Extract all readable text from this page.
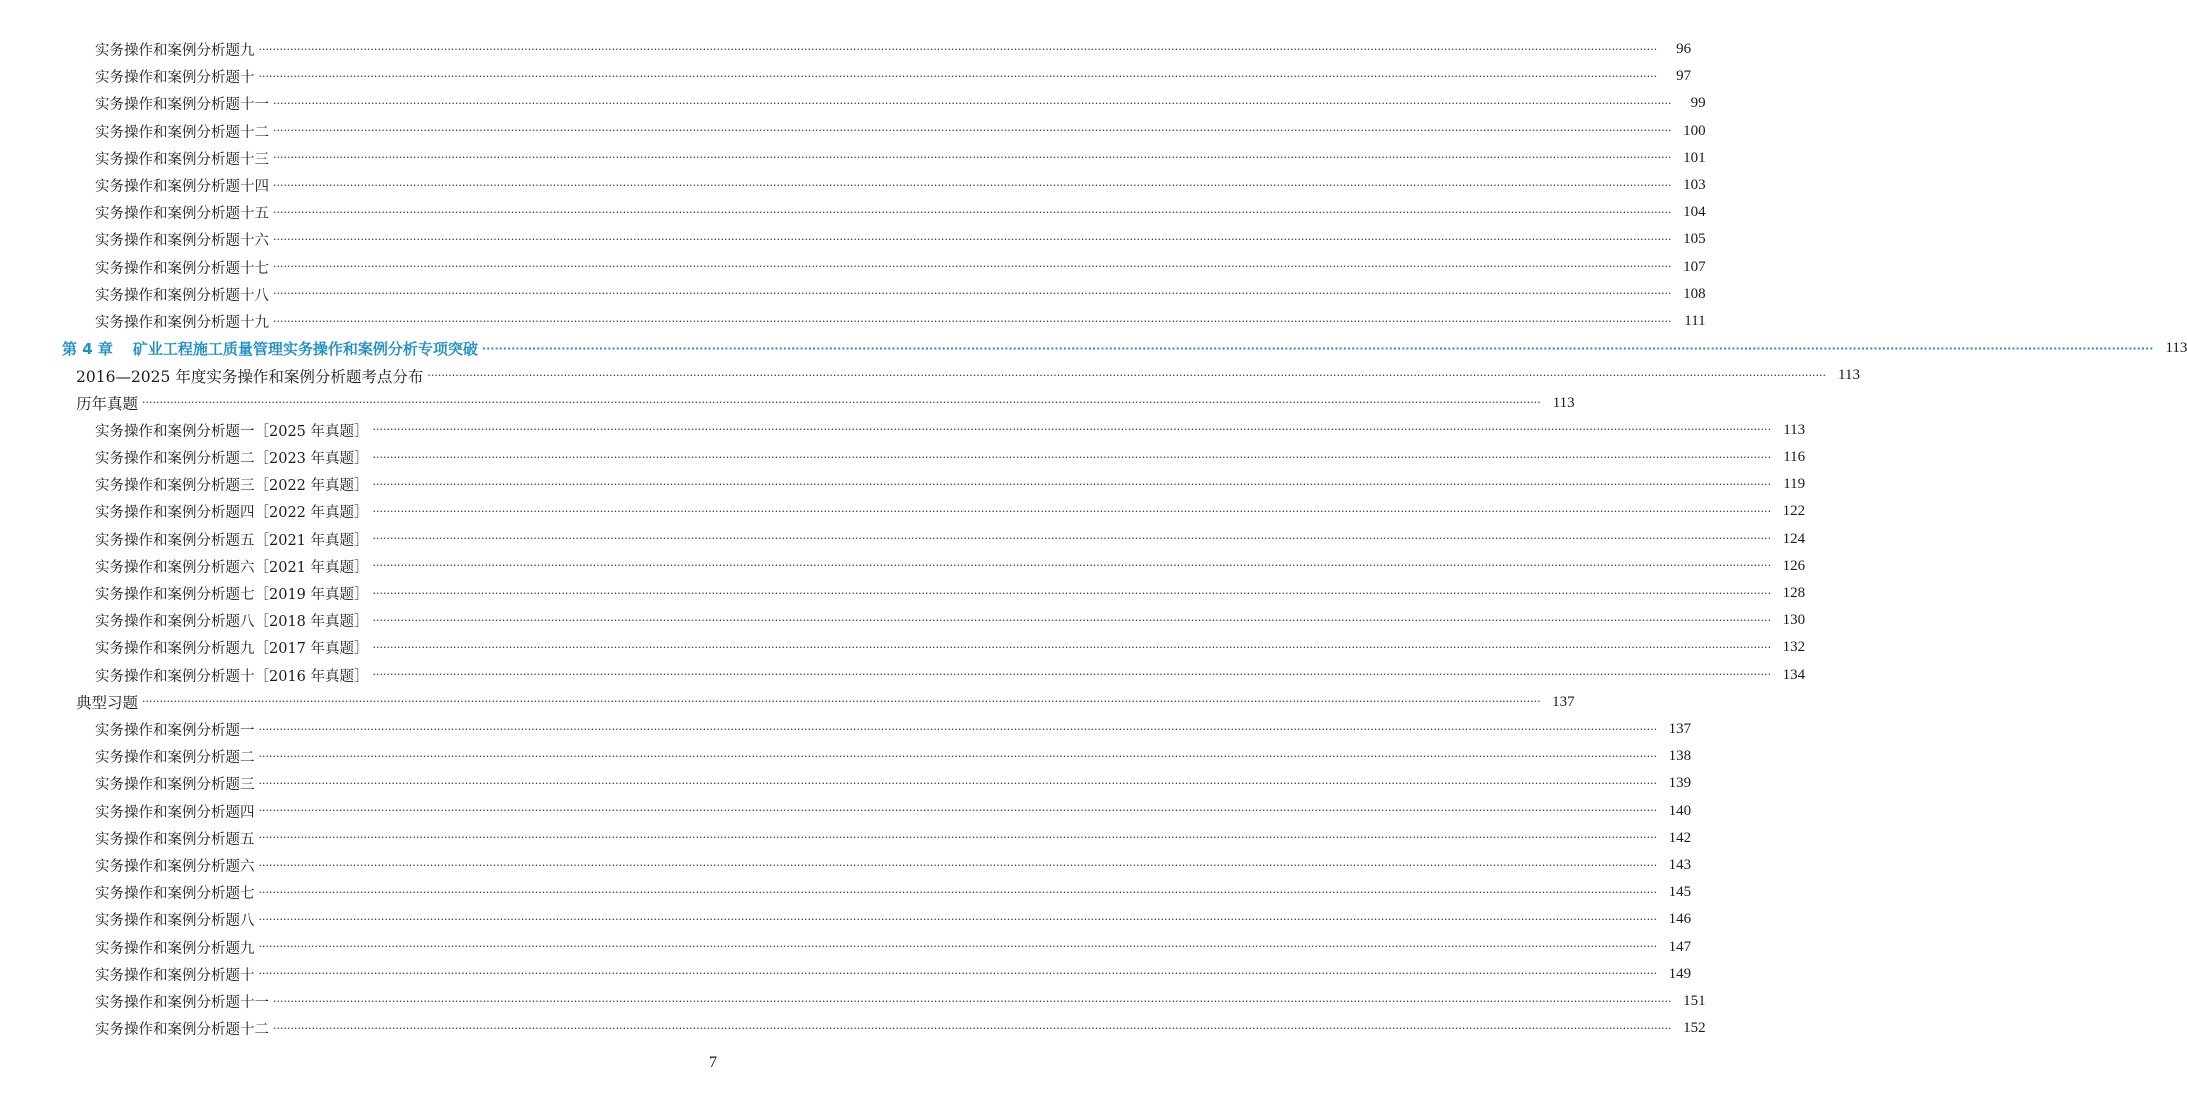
实务操作和案例分析题九 ················································································································································································································································································································································································································	96
实务操作和案例分析题十 ················································································································································································································································································································································································································	97
实务操作和案例分析题十一 ················································································································································································································································································································································································································	99
实务操作和案例分析题十二 ················································································································································································································································································································································································································ 100
实务操作和案例分析题十三 ················································································································································································································································································································································································································ 101
实务操作和案例分析题十四 ················································································································································································································································································································································································································ 103
实务操作和案例分析题十五 ················································································································································································································································································································································································································ 104
实务操作和案例分析题十六 ················································································································································································································································································································································································································ 105
实务操作和案例分析题十七 ················································································································································································································································································································································································································ 107
实务操作和案例分析题十八 ················································································································································································································································································································································································································ 108
实务操作和案例分析题十九 ················································································································································································································································································································································································································ 111
第 4 章 矿业工程施工质量管理实务操作和案例分析专项突破 ················································································································································································································································································································································································································ 113
2016—2025 年度实务操作和案例分析题考点分布 ················································································································································································································································································································································································································ 113
历年真题 ················································································································································································································································································································································································································ 113
实务操作和案例分析题一［2025 年真题］ ················································································································································································································································································································································································································ 113
实务操作和案例分析题二［2023 年真题］ ················································································································································································································································································································································································································ 116
实务操作和案例分析题三［2022 年真题］ ················································································································································································································································································································································································································ 119
实务操作和案例分析题四［2022 年真题］ ················································································································································································································································································································································································································ 122
实务操作和案例分析题五［2021 年真题］ ················································································································································································································································································································································································································ 124
实务操作和案例分析题六［2021 年真题］ ················································································································································································································································································································································································································ 126
实务操作和案例分析题七［2019 年真题］ ················································································································································································································································································································································································································ 128
实务操作和案例分析题八［2018 年真题］ ················································································································································································································································································································································································································ 130
实务操作和案例分析题九［2017 年真题］ ················································································································································································································································································································································································································ 132
实务操作和案例分析题十［2016 年真题］ ················································································································································································································································································································································································································ 134
典型习题 ················································································································································································································································································································································································································ 137
实务操作和案例分析题一 ················································································································································································································································································································································································································ 137
实务操作和案例分析题二 ················································································································································································································································································································································································································ 138
实务操作和案例分析题三 ················································································································································································································································································································································································································ 139
实务操作和案例分析题四 ················································································································································································································································································································································································································ 140
实务操作和案例分析题五 ················································································································································································································································································································································································································ 142
实务操作和案例分析题六 ················································································································································································································································································································································································································ 143
实务操作和案例分析题七 ················································································································································································································································································································································································································ 145
实务操作和案例分析题八 ················································································································································································································································································································································································································ 146
实务操作和案例分析题九 ················································································································································································································································································································································································································ 147
实务操作和案例分析题十 ················································································································································································································································································································································································································ 149
实务操作和案例分析题十一 ················································································································································································································································································································································································································ 151
实务操作和案例分析题十二 ················································································································································································································································································································································································································ 152
7
